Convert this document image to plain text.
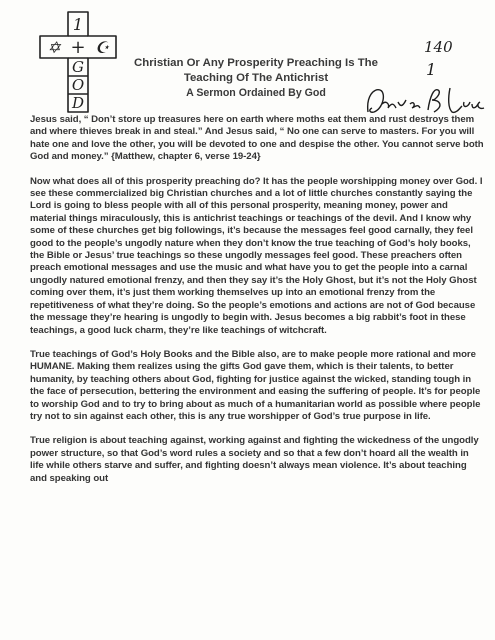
1
+
G
O
D
✡ ☪
Christian Or Any Prosperity Preaching Is The
Teaching Of The Antichrist
A Sermon Ordained By God
140
1

Jesus said, “ Don’t store up treasures here on earth where moths eat them and rust destroys them and where thieves break in and steal.” And Jesus said, “ No one can serve to masters. For you will hate one and love the other, you will be devoted to one and despise the other. You cannot serve both God and money.” {Matthew, chapter 6, verse 19-24}

Now what does all of this prosperity preaching do? It has the people worshipping money over God. I see these commercialized big Christian churches and a lot of little churches constantly saying the Lord is going to bless people with all of this personal prosperity, meaning money, power and material things miraculously, this is antichrist teachings or teachings of the devil. And I know why some of these churches get big followings, it’s because the messages feel good carnally, they feel good to the people’s ungodly nature when they don’t know the true teaching of God’s holy books, the Bible or Jesus’ true teachings so these ungodly messages feel good. These preachers often preach emotional messages and use the music and what have you to get the people into a carnal ungodly natured emotional frenzy, and then they say it’s the Holy Ghost, but it’s not the Holy Ghost coming over them, it’s just them working themselves up into an emotional frenzy from the repetitiveness of what they’re doing. So the people’s emotions and actions are not of God because the message they’re hearing is ungodly to begin with. Jesus becomes a big rabbit’s foot in these teachings, a good luck charm, they’re like teachings of witchcraft.

True teachings of God’s Holy Books and the Bible also, are to make people more rational and more HUMANE. Making them realizes using the gifts God gave them, which is their talents, to better humanity, by teaching others about God, fighting for justice against the wicked, standing tough in the face of persecution, bettering the environment and easing the suffering of people. It’s for people to worship God and to try to bring about as much of a humanitarian world as possible where people try not to sin against each other, this is any true worshipper of God’s true purpose in life.

True religion is about teaching against, working against and fighting the wickedness of the ungodly power structure, so that God’s word rules a society and so that a few don’t hoard all the wealth in life while others starve and suffer, and fighting doesn’t always mean violence. It’s about teaching and speaking out
